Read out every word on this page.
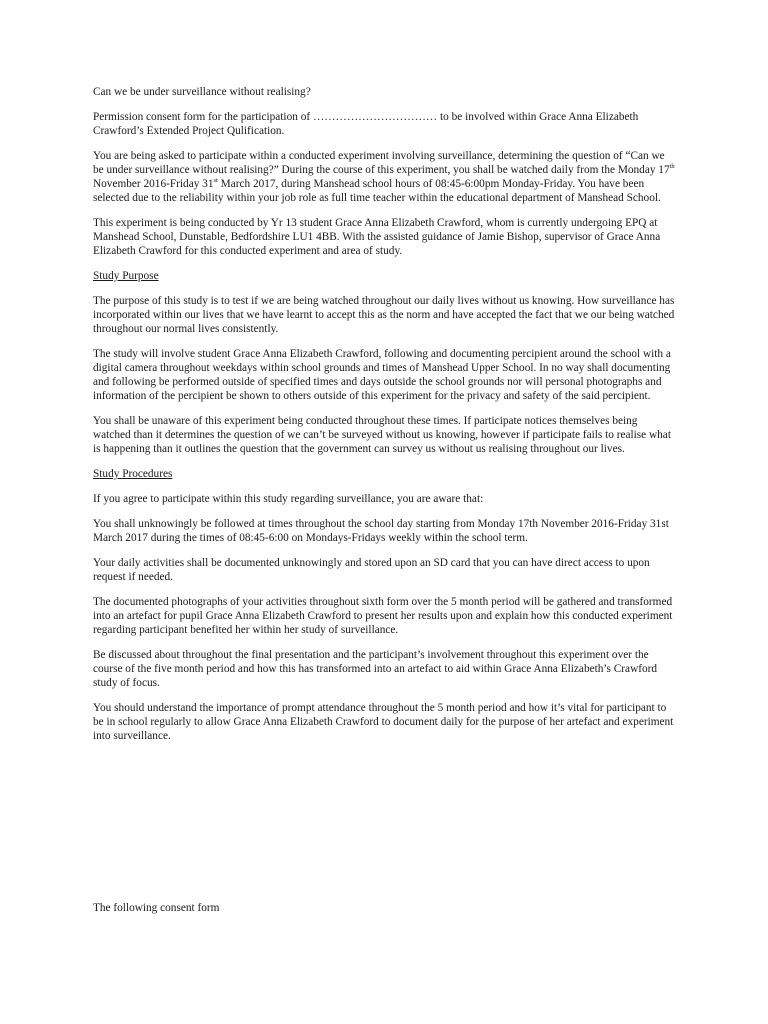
Can we be under surveillance without realising?

Permission consent form for the participation of …………………………… to be involved within Grace Anna Elizabeth Crawford’s Extended Project Qulification.

You are being asked to participate within a conducted experiment involving surveillance, determining the question of “Can we be under surveillance without realising?” During the course of this experiment, you shall be watched daily from the Monday 17th November 2016-Friday 31st March 2017, during Manshead school hours of 08:45-6:00pm Monday-Friday. You have been selected due to the reliability within your job role as full time teacher within the educational department of Manshead School.

This experiment is being conducted by Yr 13 student Grace Anna Elizabeth Crawford, whom is currently undergoing EPQ at Manshead School, Dunstable, Bedfordshire LU1 4BB. With the assisted guidance of Jamie Bishop, supervisor of Grace Anna Elizabeth Crawford for this conducted experiment and area of study.

Study Purpose

The purpose of this study is to test if we are being watched throughout our daily lives without us knowing. How surveillance has incorporated within our lives that we have learnt to accept this as the norm and have accepted the fact that we our being watched throughout our normal lives consistently.

The study will involve student Grace Anna Elizabeth Crawford, following and documenting percipient around the school with a digital camera throughout weekdays within school grounds and times of Manshead Upper School. In no way shall documenting and following be performed outside of specified times and days outside the school grounds nor will personal photographs and information of the percipient be shown to others outside of this experiment for the privacy and safety of the said percipient.

You shall be unaware of this experiment being conducted throughout these times. If participate notices themselves being watched than it determines the question of we can’t be surveyed without us knowing, however if participate fails to realise what is happening than it outlines the question that the government can survey us without us realising throughout our lives.

Study Procedures

If you agree to participate within this study regarding surveillance, you are aware that:

You shall unknowingly be followed at times throughout the school day starting from Monday 17th November 2016-Friday 31st March 2017 during the times of 08:45-6:00 on Mondays-Fridays weekly within the school term.

Your daily activities shall be documented unknowingly and stored upon an SD card that you can have direct access to upon request if needed.

The documented photographs of your activities throughout sixth form over the 5 month period will be gathered and transformed into an artefact for pupil Grace Anna Elizabeth Crawford to present her results upon and explain how this conducted experiment regarding participant benefited her within her study of surveillance.

Be discussed about throughout the final presentation and the participant’s involvement throughout this experiment over the course of the five month period and how this has transformed into an artefact to aid within Grace Anna Elizabeth’s Crawford study of focus.

You should understand the importance of prompt attendance throughout the 5 month period and how it’s vital for participant to be in school regularly to allow Grace Anna Elizabeth Crawford to document daily for the purpose of her artefact and experiment into surveillance.

The following consent form
